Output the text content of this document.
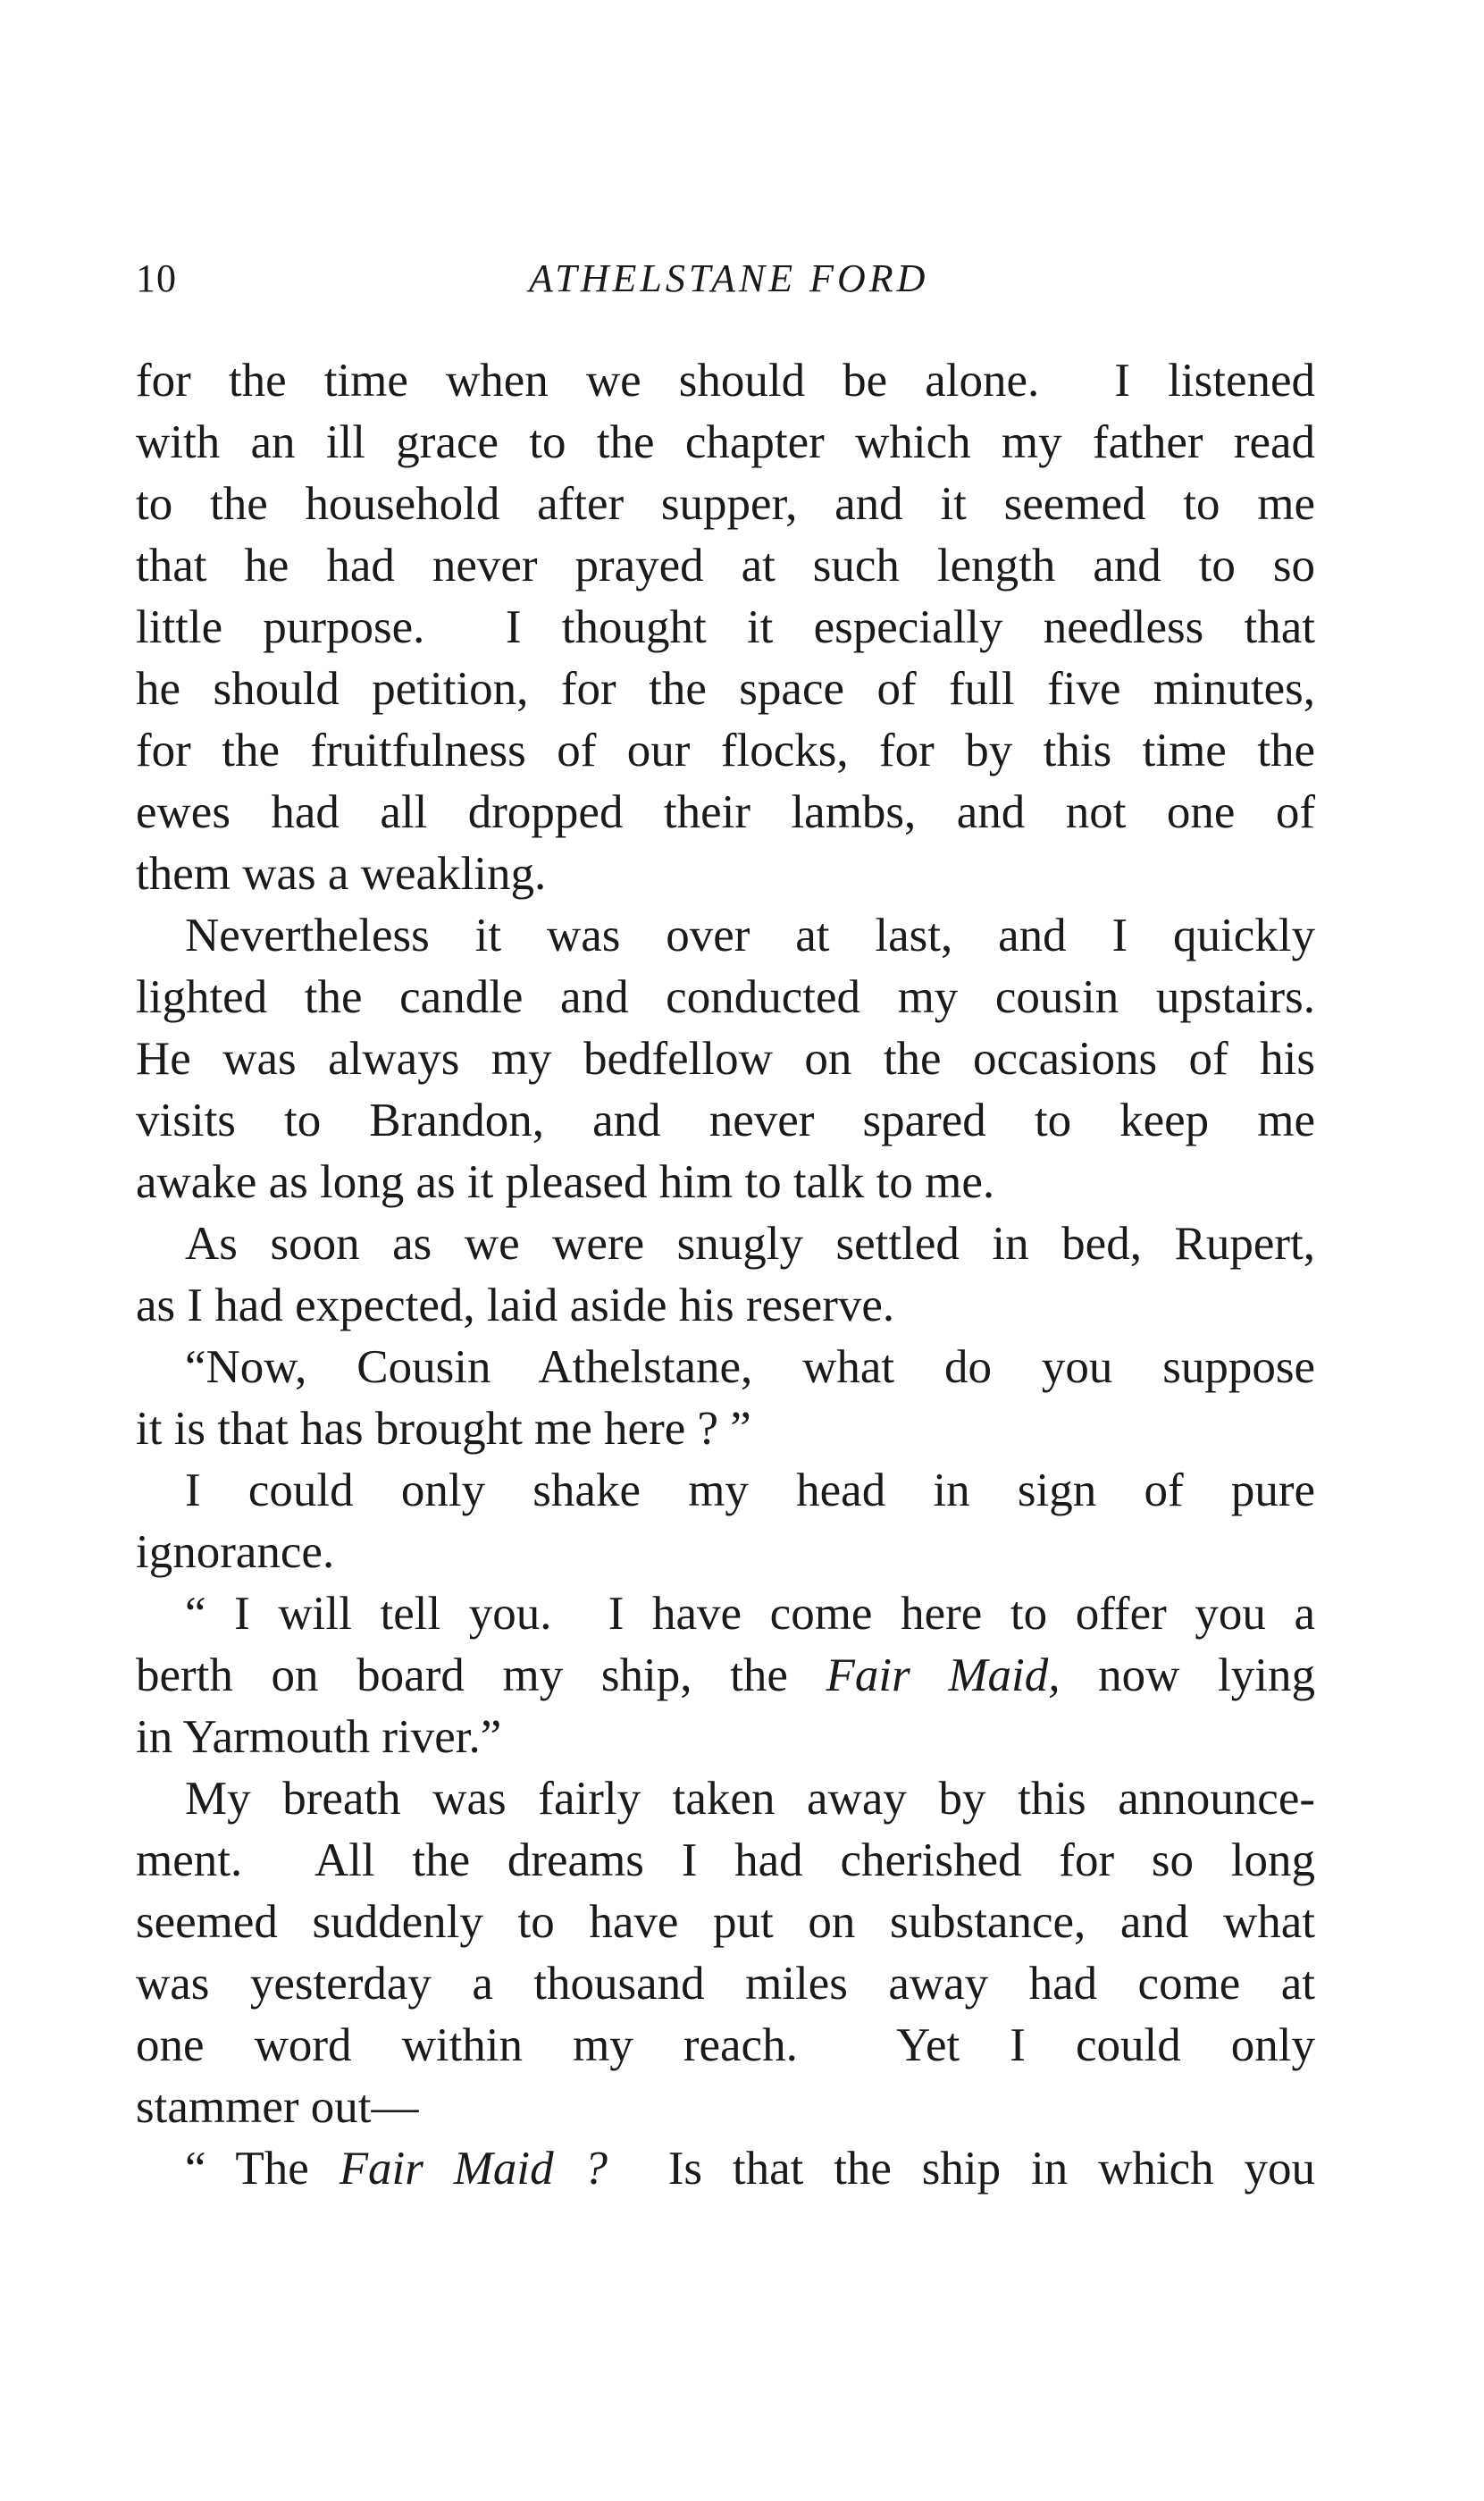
10	ATHELSTANE FORD
for the time when we should be alone.  I listened
with an ill grace to the chapter which my father read
to the household after supper, and it seemed to me
that he had never prayed at such length and to so
little purpose.  I thought it especially needless that
he should petition, for the space of full five minutes,
for the fruitfulness of our flocks, for by this time the
ewes had all dropped their lambs, and not one of
them was a weakling.
Nevertheless it was over at last, and I quickly
lighted the candle and conducted my cousin upstairs.
He was always my bedfellow on the occasions of his
visits to Brandon, and never spared to keep me
awake as long as it pleased him to talk to me.
As soon as we were snugly settled in bed, Rupert,
as I had expected, laid aside his reserve.
“Now, Cousin Athelstane, what do you suppose
it is that has brought me here ? ”
I could only shake my head in sign of pure
ignorance.
“ I will tell you.  I have come here to offer you a
berth on board my ship, the Fair Maid, now lying
in Yarmouth river.”
My breath was fairly taken away by this announce-
ment.  All the dreams I had cherished for so long
seemed suddenly to have put on substance, and what
was yesterday a thousand miles away had come at
one word within my reach.  Yet I could only
stammer out—
“ The Fair Maid ?  Is that the ship in which you
